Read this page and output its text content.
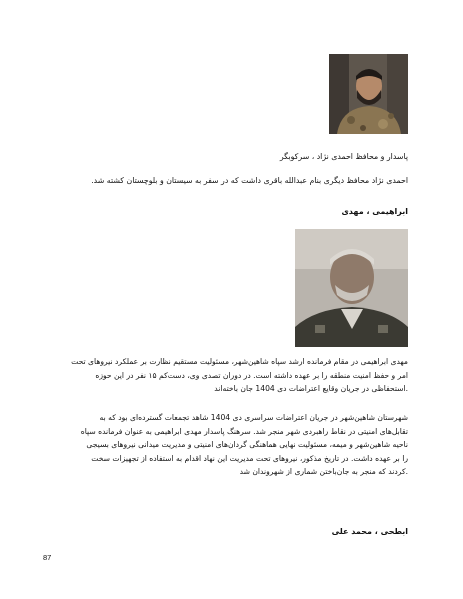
پاسدار و محافظ احمدی نژاد ، سرکوبگر

احمدی نژاد محافظ دیگری بنام عبدالله باقری داشت که در سفر به سیستان و بلوچستان کشته شد.

ابراهیمی ، مهدی

مهدی ابراهیمی در مقام فرمانده ارشد سپاه شاهین‌شهر، مسئولیت مستقیم نظارت بر عملکرد نیروهای تحت
امر و حفظ امنیت منطقه را بر عهده داشته است. در دوران تصدی وی، دست‌کم ۱۵ نفر در این حوزه
.استحفاظی در جریان وقایع اعتراضات دی 1404 جان باخته‌اند
شهرستان شاهین‌شهر در جریان اعتراضات سراسری دی 1404 شاهد تجمعات گسترده‌ای بود که به
تقابل‌های امنیتی در نقاط راهبردی شهر منجر شد. سرهنگ پاسدار مهدی ابراهیمی به عنوان فرمانده سپاه
ناحیه شاهین‌شهر و میمه، مسئولیت نهایی هماهنگی گردان‌های امنیتی و مدیریت میدانی نیروهای بسیجی
را بر عهده داشت. در تاریخ مذکور، نیروهای تحت مدیریت این نهاد اقدام به استفاده از تجهیزات سخت
.کردند که منجر به جان‌باختن شماری از شهروندان شد

ابطحی ، محمد علی

87
